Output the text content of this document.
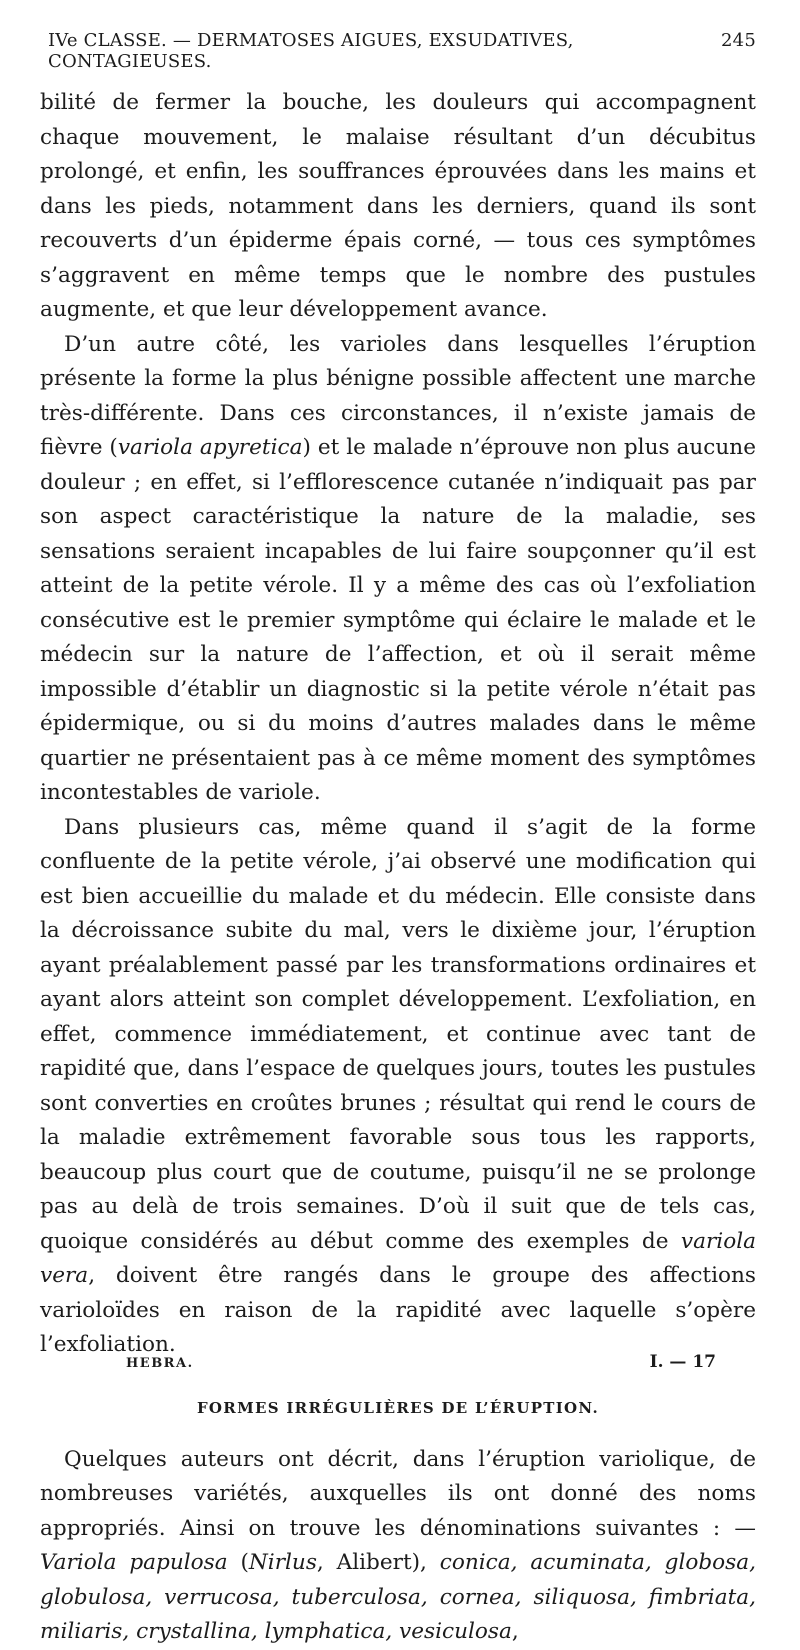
IVe CLASSE. — DERMATOSES AIGUES, EXSUDATIVES, CONTAGIEUSES.
245

bilité de fermer la bouche, les douleurs qui accompagnent chaque mouvement, le malaise résultant d’un décubitus prolongé, et enfin, les souffrances éprouvées dans les mains et dans les pieds, notamment dans les derniers, quand ils sont recouverts d’un épiderme épais corné, — tous ces symptômes s’aggravent en même temps que le nombre des pustules augmente, et que leur développement avance.

D’un autre côté, les varioles dans lesquelles l’éruption présente la forme la plus bénigne possible affectent une marche très-différente. Dans ces circonstances, il n’existe jamais de fièvre (variola apyretica) et le malade n’éprouve non plus aucune douleur ; en effet, si l’efflorescence cutanée n’indiquait pas par son aspect caractéristique la nature de la maladie, ses sensations seraient incapables de lui faire soupçonner qu’il est atteint de la petite vérole. Il y a même des cas où l’exfoliation consécutive est le premier symptôme qui éclaire le malade et le médecin sur la nature de l’affection, et où il serait même impossible d’établir un diagnostic si la petite vérole n’était pas épidermique, ou si du moins d’autres malades dans le même quartier ne présentaient pas à ce même moment des symptômes incontestables de variole.

Dans plusieurs cas, même quand il s’agit de la forme confluente de la petite vérole, j’ai observé une modification qui est bien accueillie du malade et du médecin. Elle consiste dans la décroissance subite du mal, vers le dixième jour, l’éruption ayant préalablement passé par les transformations ordinaires et ayant alors atteint son complet développement. L’exfoliation, en effet, commence immédiatement, et continue avec tant de rapidité que, dans l’espace de quelques jours, toutes les pustules sont converties en croûtes brunes ; résultat qui rend le cours de la maladie extrêmement favorable sous tous les rapports, beaucoup plus court que de coutume, puisqu’il ne se prolonge pas au delà de trois semaines. D’où il suit que de tels cas, quoique considérés au début comme des exemples de variola vera, doivent être rangés dans le groupe des affections varioloïdes en raison de la rapidité avec laquelle s’opère l’exfoliation.

FORMES IRRÉGULIÈRES DE L’ÉRUPTION.

Quelques auteurs ont décrit, dans l’éruption variolique, de nombreuses variétés, auxquelles ils ont donné des noms appropriés. Ainsi on trouve les dénominations suivantes : — Variola papulosa (Nirlus, Alibert), conica, acuminata, globosa, globulosa, verrucosa, tuberculosa, cornea, siliquosa, fimbriata, miliaris, crystallina, lymphatica, vesiculosa,

HEBRA.	I. — 17
